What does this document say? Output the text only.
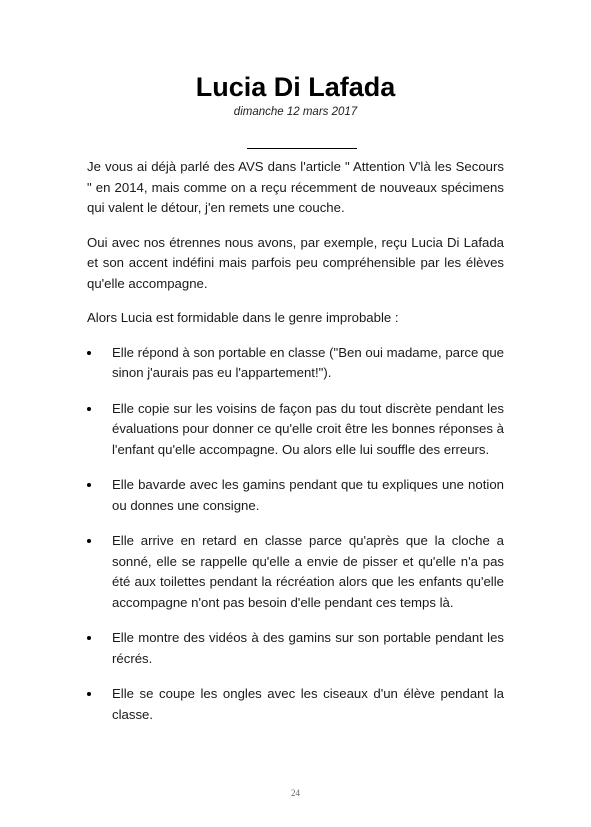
Lucia Di Lafada
dimanche 12 mars 2017

Je vous ai déjà parlé des AVS dans l'article " Attention V'là les Secours " en 2014, mais comme on a reçu récemment de nouveaux spécimens qui valent le détour, j'en remets une couche.

Oui avec nos étrennes nous avons, par exemple, reçu Lucia Di Lafada et son accent indéfini mais parfois peu compréhensible par les élèves qu'elle accompagne.

Alors Lucia est formidable dans le genre improbable :

Elle répond à son portable en classe ("Ben oui madame, parce que sinon j'aurais pas eu l'appartement!").
Elle copie sur les voisins de façon pas du tout discrète pendant les évaluations pour donner ce qu'elle croit être les bonnes réponses à l'enfant qu'elle accompagne. Ou alors elle lui souffle des erreurs.
Elle bavarde avec les gamins pendant que tu expliques une notion ou donnes une consigne.
Elle arrive en retard en classe parce qu'après que la cloche a sonné, elle se rappelle qu'elle a envie de pisser et qu'elle n'a pas été aux toilettes pendant la récréation alors que les enfants qu'elle accompagne n'ont pas besoin d'elle pendant ces temps là.
Elle montre des vidéos à des gamins sur son portable pendant les récrés.
Elle se coupe les ongles avec les ciseaux d'un élève pendant la classe.
24
